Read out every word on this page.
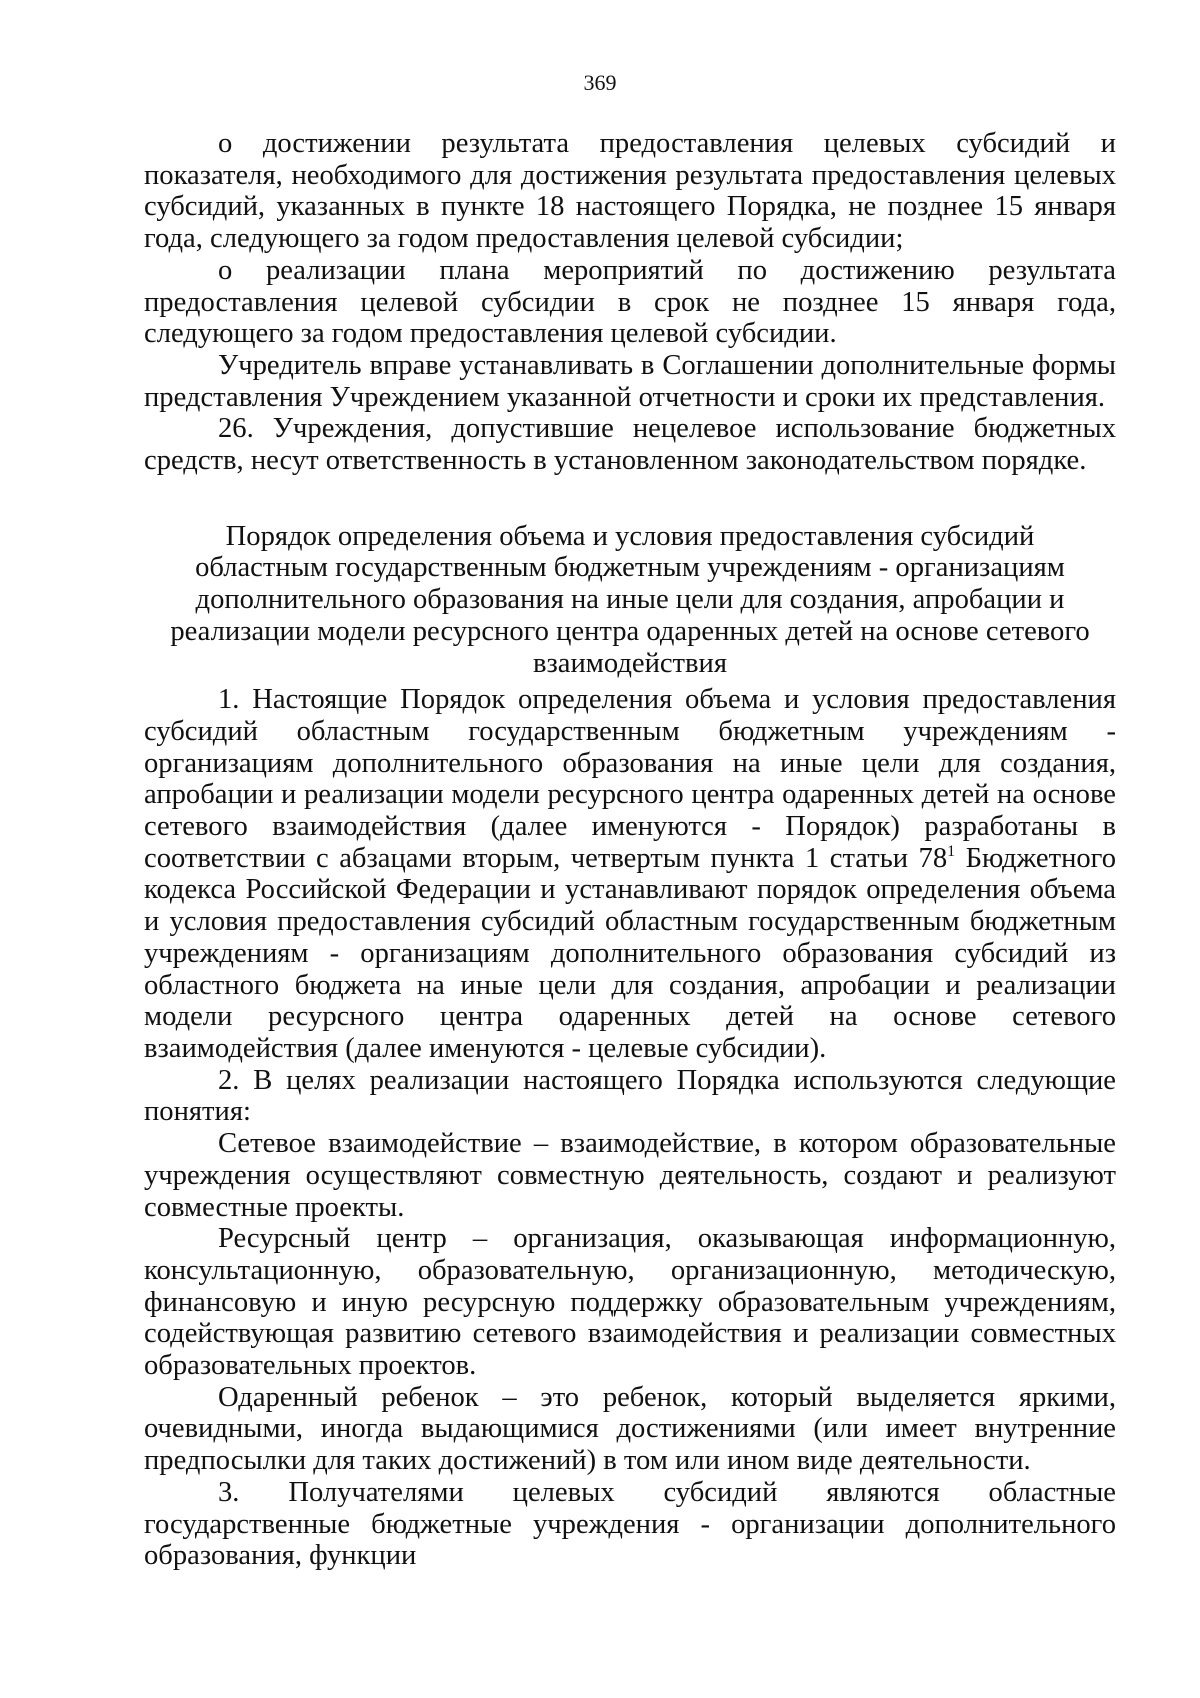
369

о достижении результата предоставления целевых субсидий и показателя, необходимого для достижения результата предоставления целевых субсидий, указанных в пункте 18 настоящего Порядка, не позднее 15 января года, следующего за годом предоставления целевой субсидии;

о реализации плана мероприятий по достижению результата предоставления целевой субсидии в срок не позднее 15 января года, следующего за годом предоставления целевой субсидии.

Учредитель вправе устанавливать в Соглашении дополнительные формы представления Учреждением указанной отчетности и сроки их представления.

26. Учреждения, допустившие нецелевое использование бюджетных средств, несут ответственность в установленном законодательством порядке.

Порядок определения объема и условия предоставления субсидий
областным государственным бюджетным учреждениям - организациям
дополнительного образования на иные цели для создания, апробации и
реализации модели ресурсного центра одаренных детей на основе сетевого
взаимодействия

1. Настоящие Порядок определения объема и условия предоставления субсидий областным государственным бюджетным учреждениям - организациям дополнительного образования на иные цели для создания, апробации и реализации модели ресурсного центра одаренных детей на основе сетевого взаимодействия (далее именуются - Порядок) разработаны в соответствии с абзацами вторым, четвертым пункта 1 статьи $78^1$ Бюджетного кодекса Российской Федерации и устанавливают порядок определения объема и условия предоставления субсидий областным государственным бюджетным учреждениям - организациям дополнительного образования субсидий из областного бюджета на иные цели для создания, апробации и реализации модели ресурсного центра одаренных детей на основе сетевого взаимодействия (далее именуются - целевые субсидии).

2. В целях реализации настоящего Порядка используются следующие понятия:

Сетевое взаимодействие – взаимодействие, в котором образовательные учреждения осуществляют совместную деятельность, создают и реализуют совместные проекты.

Ресурсный центр – организация, оказывающая информационную, консультационную, образовательную, организационную, методическую, финансовую и иную ресурсную поддержку образовательным учреждениям, содействующая развитию сетевого взаимодействия и реализации совместных образовательных проектов.

Одаренный ребенок – это ребенок, который выделяется яркими, очевидными, иногда выдающимися достижениями (или имеет внутренние предпосылки для таких достижений) в том или ином виде деятельности.

3. Получателями целевых субсидий являются областные государственные бюджетные учреждения - организации дополнительного образования, функции
